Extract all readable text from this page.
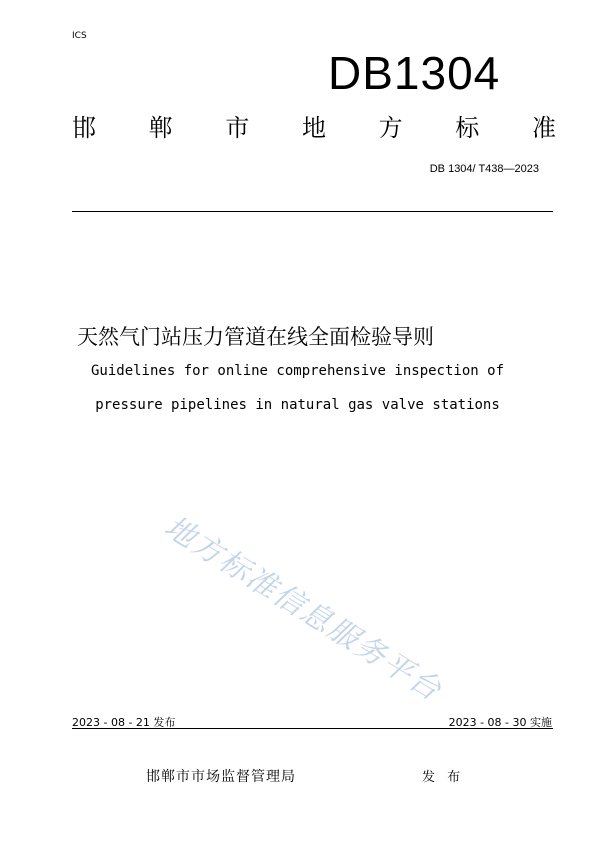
ICS
DB1304
邯 郸 市 地 方 标 准
DB 1304/ T438—2023
天然气门站压力管道在线全面检验导则
Guidelines for online comprehensive inspection of
pressure pipelines in natural gas valve stations
地方标准信息服务平台
2023 - 08 - 21 发布	2023 - 08 - 30 实施
邯郸市市场监督管理局	发 布
